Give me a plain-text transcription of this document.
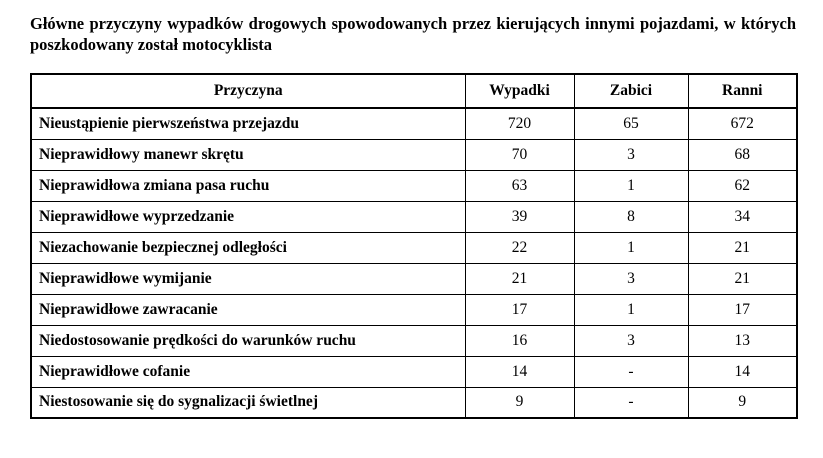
Główne przyczyny wypadków drogowych spowodowanych przez kierujących innymi pojazdami, w których poszkodowany został motocyklista
Przyczyna	Wypadki	Zabici	Ranni
Nieustąpienie pierwszeństwa przejazdu	720	65	672
Nieprawidłowy manewr skrętu	70	3	68
Nieprawidłowa zmiana pasa ruchu	63	1	62
Nieprawidłowe wyprzedzanie	39	8	34
Niezachowanie bezpiecznej odległości	22	1	21
Nieprawidłowe wymijanie	21	3	21
Nieprawidłowe zawracanie	17	1	17
Niedostosowanie prędkości do warunków ruchu	16	3	13
Nieprawidłowe cofanie	14	-	14
Niestosowanie się do sygnalizacji świetlnej	9	-	9
